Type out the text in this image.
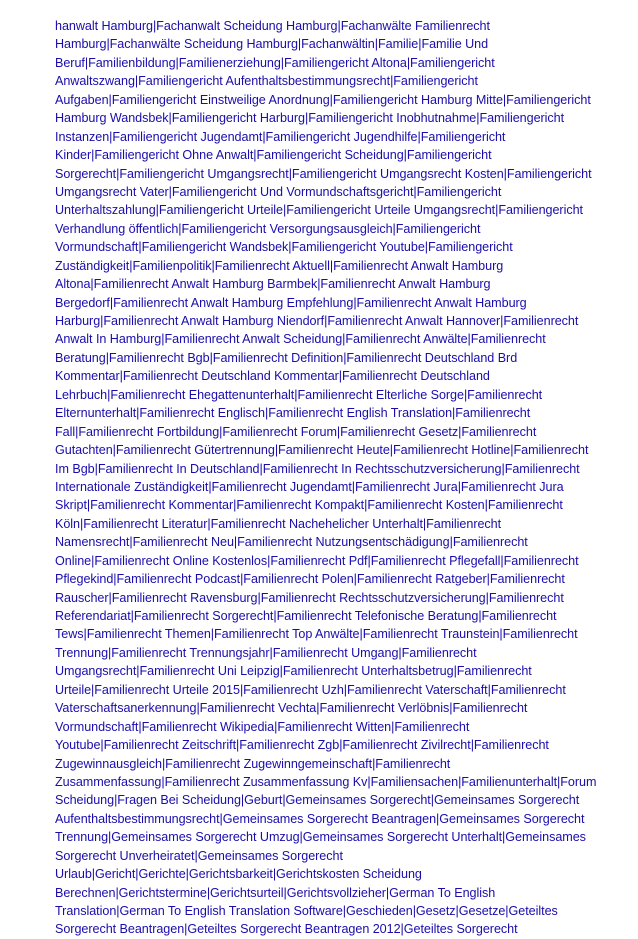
hanwalt Hamburg|Fachanwalt Scheidung Hamburg|Fachanwälte Familienrecht
Hamburg|Fachanwälte Scheidung Hamburg|Fachanwältin|Familie|Familie Und
Beruf|Familienbildung|Familienerziehung|Familiengericht Altona|Familiengericht
Anwaltszwang|Familiengericht Aufenthaltsbestimmungsrecht|Familiengericht
Aufgaben|Familiengericht Einstweilige Anordnung|Familiengericht Hamburg Mitte|Familiengericht
Hamburg Wandsbek|Familiengericht Harburg|Familiengericht Inobhutnahme|Familiengericht
Instanzen|Familiengericht Jugendamt|Familiengericht Jugendhilfe|Familiengericht
Kinder|Familiengericht Ohne Anwalt|Familiengericht Scheidung|Familiengericht
Sorgerecht|Familiengericht Umgangsrecht|Familiengericht Umgangsrecht Kosten|Familiengericht
Umgangsrecht Vater|Familiengericht Und Vormundschaftsgericht|Familiengericht
Unterhaltszahlung|Familiengericht Urteile|Familiengericht Urteile Umgangsrecht|Familiengericht
Verhandlung öffentlich|Familiengericht Versorgungsausgleich|Familiengericht
Vormundschaft|Familiengericht Wandsbek|Familiengericht Youtube|Familiengericht
Zuständigkeit|Familienpolitik|Familienrecht Aktuell|Familienrecht Anwalt Hamburg
Altona|Familienrecht Anwalt Hamburg Barmbek|Familienrecht Anwalt Hamburg
Bergedorf|Familienrecht Anwalt Hamburg Empfehlung|Familienrecht Anwalt Hamburg
Harburg|Familienrecht Anwalt Hamburg Niendorf|Familienrecht Anwalt Hannover|Familienrecht
Anwalt In Hamburg|Familienrecht Anwalt Scheidung|Familienrecht Anwälte|Familienrecht
Beratung|Familienrecht Bgb|Familienrecht Definition|Familienrecht Deutschland Brd
Kommentar|Familienrecht Deutschland Kommentar|Familienrecht Deutschland
Lehrbuch|Familienrecht Ehegattenunterhalt|Familienrecht Elterliche Sorge|Familienrecht
Elternunterhalt|Familienrecht Englisch|Familienrecht English Translation|Familienrecht
Fall|Familienrecht Fortbildung|Familienrecht Forum|Familienrecht Gesetz|Familienrecht
Gutachten|Familienrecht Gütertrennung|Familienrecht Heute|Familienrecht Hotline|Familienrecht
Im Bgb|Familienrecht In Deutschland|Familienrecht In Rechtsschutzversicherung|Familienrecht
Internationale Zuständigkeit|Familienrecht Jugendamt|Familienrecht Jura|Familienrecht Jura
Skript|Familienrecht Kommentar|Familienrecht Kompakt|Familienrecht Kosten|Familienrecht
Köln|Familienrecht Literatur|Familienrecht Nachehelicher Unterhalt|Familienrecht
Namensrecht|Familienrecht Neu|Familienrecht Nutzungsentschädigung|Familienrecht
Online|Familienrecht Online Kostenlos|Familienrecht Pdf|Familienrecht Pflegefall|Familienrecht
Pflegekind|Familienrecht Podcast|Familienrecht Polen|Familienrecht Ratgeber|Familienrecht
Rauscher|Familienrecht Ravensburg|Familienrecht Rechtsschutzversicherung|Familienrecht
Referendariat|Familienrecht Sorgerecht|Familienrecht Telefonische Beratung|Familienrecht
Tews|Familienrecht Themen|Familienrecht Top Anwälte|Familienrecht Traunstein|Familienrecht
Trennung|Familienrecht Trennungsjahr|Familienrecht Umgang|Familienrecht
Umgangsrecht|Familienrecht Uni Leipzig|Familienrecht Unterhaltsbetrug|Familienrecht
Urteile|Familienrecht Urteile 2015|Familienrecht Uzh|Familienrecht Vaterschaft|Familienrecht
Vaterschaftsanerkennung|Familienrecht Vechta|Familienrecht Verlöbnis|Familienrecht
Vormundschaft|Familienrecht Wikipedia|Familienrecht Witten|Familienrecht
Youtube|Familienrecht Zeitschrift|Familienrecht Zgb|Familienrecht Zivilrecht|Familienrecht
Zugewinnausgleich|Familienrecht Zugewinngemeinschaft|Familienrecht
Zusammenfassung|Familienrecht Zusammenfassung Kv|Familiensachen|Familienunterhalt|Forum
Scheidung|Fragen Bei Scheidung|Geburt|Gemeinsames Sorgerecht|Gemeinsames Sorgerecht
Aufenthaltsbestimmungsrecht|Gemeinsames Sorgerecht Beantragen|Gemeinsames Sorgerecht
Trennung|Gemeinsames Sorgerecht Umzug|Gemeinsames Sorgerecht Unterhalt|Gemeinsames
Sorgerecht Unverheiratet|Gemeinsames Sorgerecht
Urlaub|Gericht|Gerichte|Gerichtsbarkeit|Gerichtskosten Scheidung
Berechnen|Gerichtstermine|Gerichtsurteil|Gerichtsvollzieher|German To English
Translation|German To English Translation Software|Geschieden|Gesetz|Gesetze|Geteiltes
Sorgerecht Beantragen|Geteiltes Sorgerecht Beantragen 2012|Geteiltes Sorgerecht
